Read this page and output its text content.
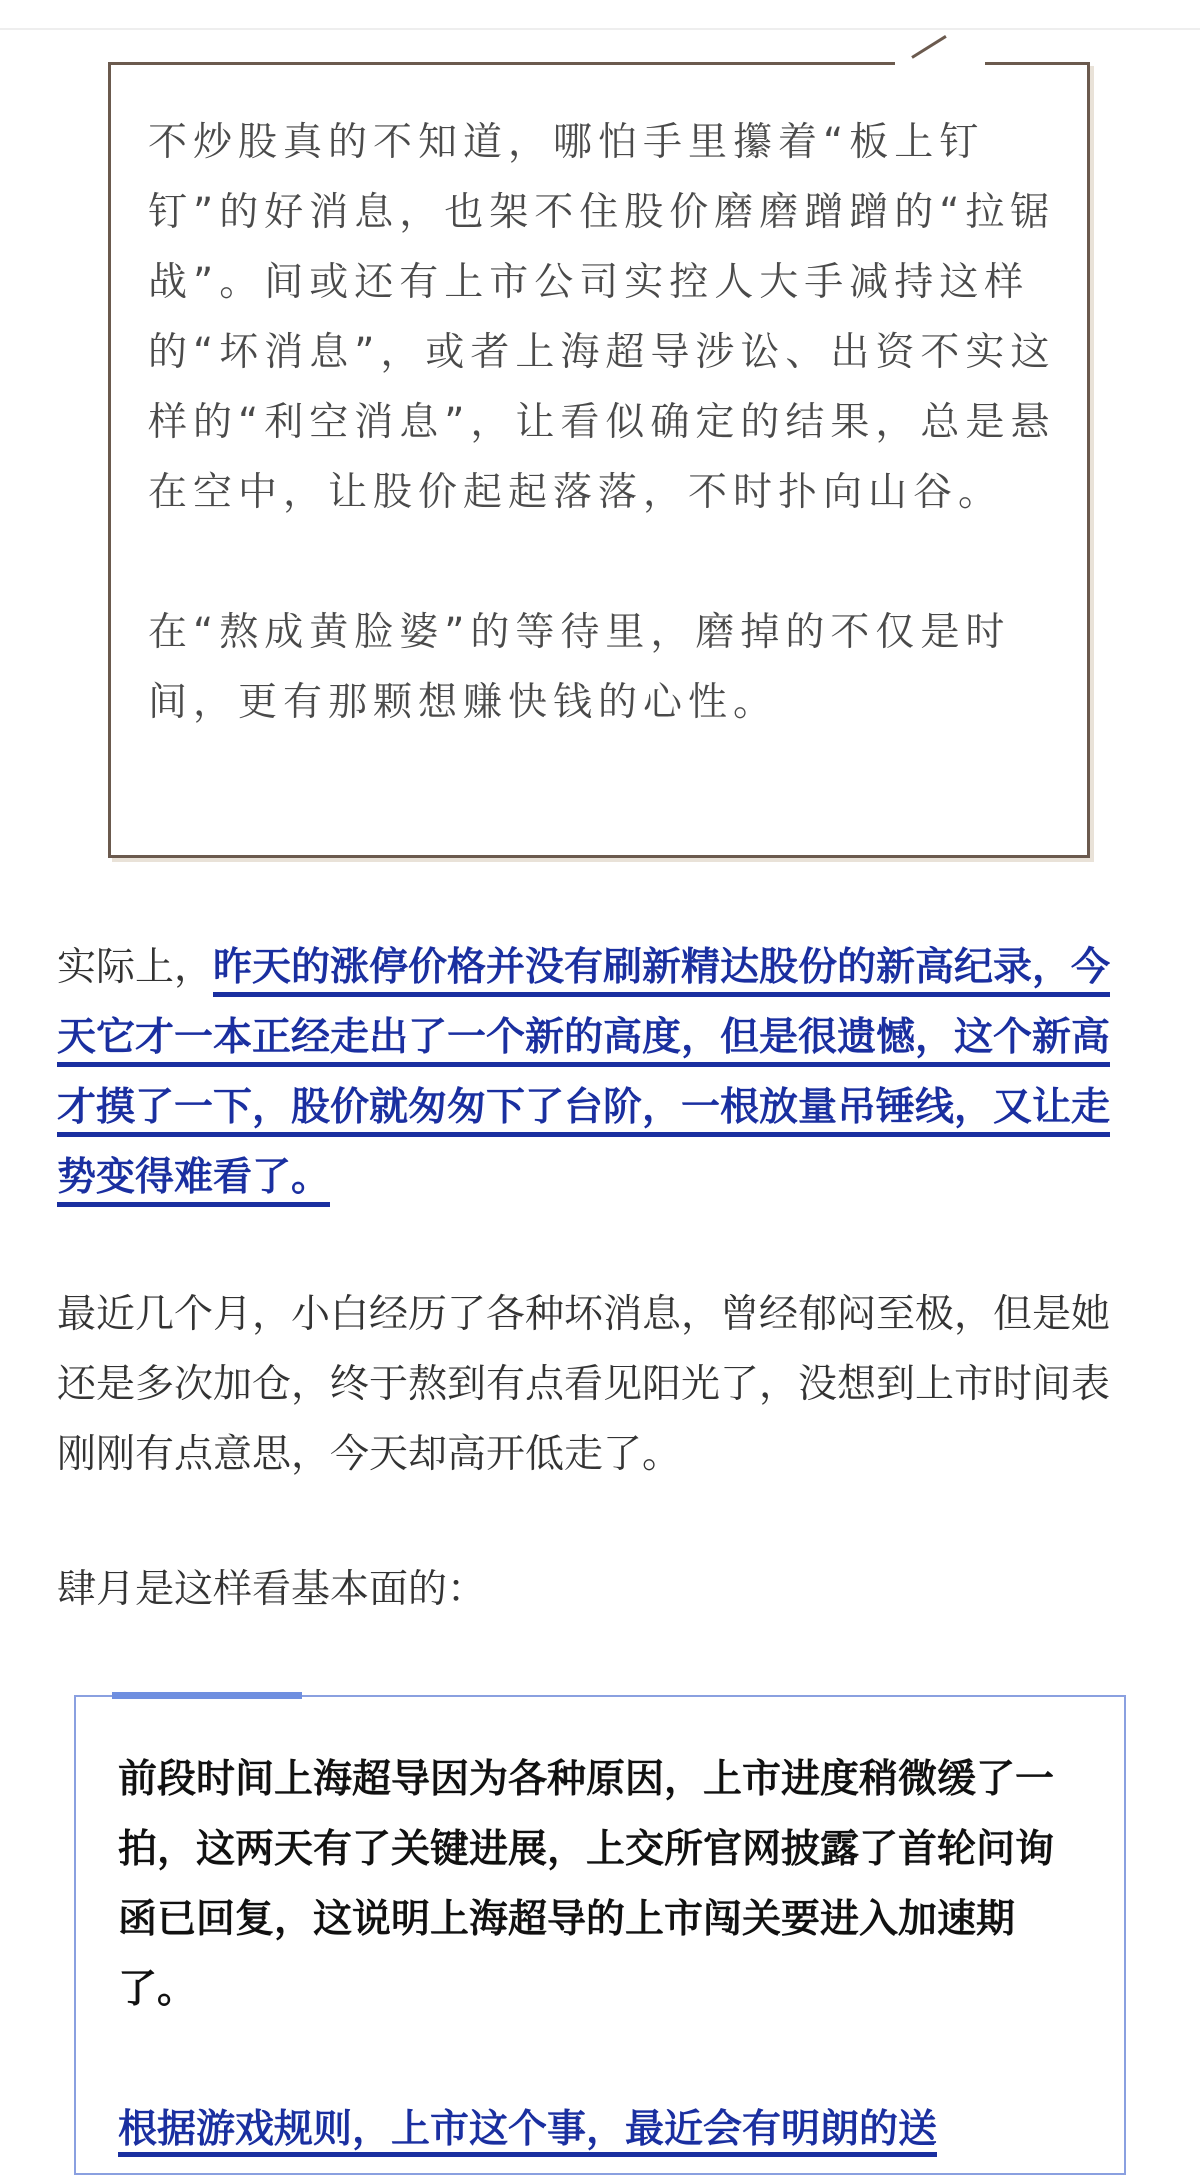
不炒股真的不知道，哪怕手里攥着“板上钉钉”的好消息，也架不住股价磨磨蹭蹭的“拉锯战”。间或还有上市公司实控人大手减持这样的“坏消息”，或者上海超导涉讼、出资不实这样的“利空消息”，让看似确定的结果，总是悬在空中，让股价起起落落，不时扑向山谷。

在“熬成黄脸婆”的等待里，磨掉的不仅是时间，更有那颗想赚快钱的心性。

实际上，昨天的涨停价格并没有刷新精达股份的新高纪录，今天它才一本正经走出了一个新的高度，但是很遗憾，这个新高才摸了一下，股价就匆匆下了台阶，一根放量吊锤线，又让走势变得难看了。

最近几个月，小白经历了各种坏消息，曾经郁闷至极，但是她还是多次加仓，终于熬到有点看见阳光了，没想到上市时间表刚刚有点意思，今天却高开低走了。

肆月是这样看基本面的：

前段时间上海超导因为各种原因，上市进度稍微缓了一拍，这两天有了关键进展，上交所官网披露了首轮问询函已回复，这说明上海超导的上市闯关要进入加速期了。

根据游戏规则，上市这个事，最近会有明朗的送
